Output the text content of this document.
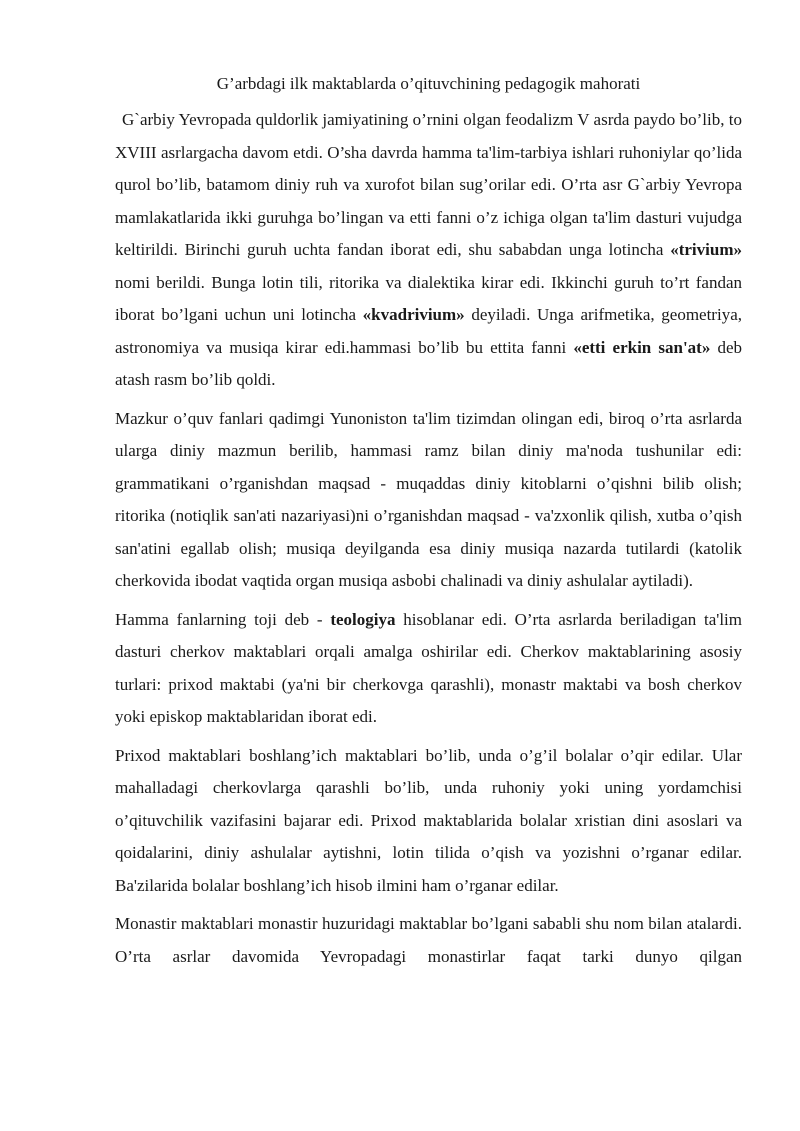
G’arbdagi ilk maktablarda o’qituvchining pedagogik mahorati

G`arbiy Yevropada quldorlik jamiyatining o’rnini olgan feodalizm V asrda paydo bo’lib, to XVIII asrlargacha davom etdi. O’sha davrda hamma ta'lim-tarbiya ishlari ruhoniylar qo’lida qurol bo’lib, batamom diniy ruh va xurofot bilan sug’orilar edi. O’rta asr G`arbiy Yevropa mamlakatlarida ikki guruhga bo’lingan va etti fanni o’z ichiga olgan ta'lim dasturi vujudga keltirildi. Birinchi guruh uchta fandan iborat edi, shu sababdan unga lotincha «trivium» nomi berildi. Bunga lotin tili, ritorika va dialektika kirar edi. Ikkinchi guruh to’rt fandan iborat bo’lgani uchun uni lotincha «kvadrivium» deyiladi. Unga arifmetika, geometriya, astronomiya va musiqa kirar edi.hammasi bo’lib bu ettita fanni «etti erkin san'at» deb atash rasm bo’lib qoldi.

Mazkur o’quv fanlari qadimgi Yunoniston ta'lim tizimdan olingan edi, biroq o’rta asrlarda ularga diniy mazmun berilib, hammasi ramz bilan diniy ma'noda tushunilar edi: grammatikani o’rganishdan maqsad - muqaddas diniy kitoblarni o’qishni bilib olish; ritorika (notiqlik san'ati nazariyasi)ni o’rganishdan maqsad - va'zxonlik qilish, xutba o’qish san'atini egallab olish; musiqa deyilganda esa diniy musiqa nazarda tutilardi (katolik cherkovida ibodat vaqtida organ musiqa asbobi chalinadi va diniy ashulalar aytiladi).

Hamma fanlarning toji deb - teologiya hisoblanar edi. O’rta asrlarda beriladigan ta'lim dasturi cherkov maktablari orqali amalga oshirilar edi. Cherkov maktablarining asosiy turlari: prixod maktabi (ya'ni bir cherkovga qarashli), monastr maktabi va bosh cherkov yoki episkop maktablaridan iborat edi.

Prixod maktablari boshlang’ich maktablari bo’lib, unda o’g’il bolalar o’qir edilar. Ular mahalladagi cherkovlarga qarashli bo’lib, unda ruhoniy yoki uning yordamchisi o’qituvchilik vazifasini bajarar edi. Prixod maktablarida bolalar xristian dini asoslari va qoidalarini, diniy ashulalar aytishni, lotin tilida o’qish va yozishni o’rganar edilar. Ba'zilarida bolalar boshlang’ich hisob ilmini ham o’rganar edilar.

Monastir maktablari monastir huzuridagi maktablar bo’lgani sababli shu nom bilan atalardi. O’rta asrlar davomida Yevropadagi monastirlar faqat tarki dunyo qilgan
